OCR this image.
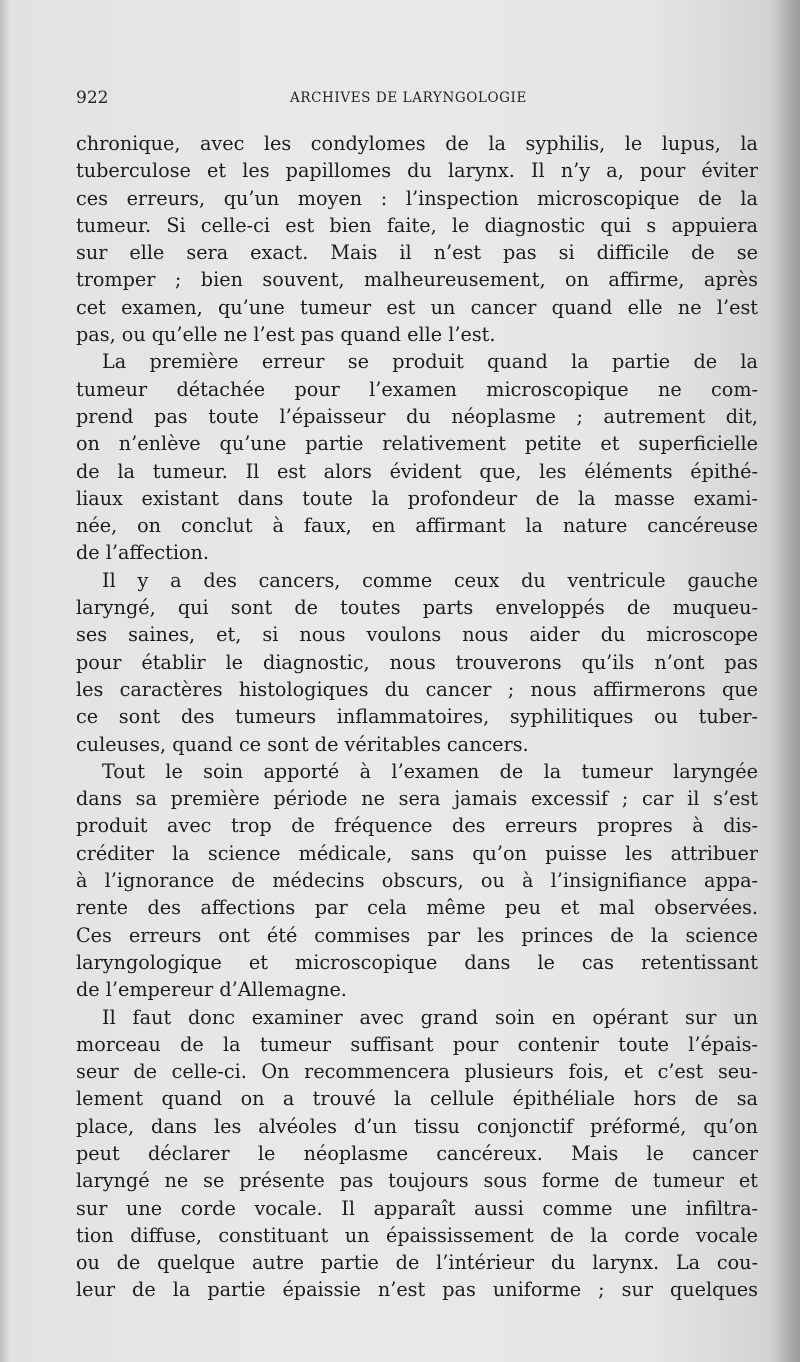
922	ARCHIVES DE LARYNGOLOGIE
chronique, avec les condylomes de la syphilis, le lupus, la
tuberculose et les papillomes du larynx. Il n’y a, pour éviter
ces erreurs, qu’un moyen : l’inspection microscopique de la
tumeur. Si celle-ci est bien faite, le diagnostic qui s appuiera
sur elle sera exact. Mais il n’est pas si difficile de se
tromper ; bien souvent, malheureusement, on affirme, après
cet examen, qu’une tumeur est un cancer quand elle ne l’est
pas, ou qu’elle ne l’est pas quand elle l’est.
La première erreur se produit quand la partie de la
tumeur détachée pour l’examen microscopique ne com-
prend pas toute l’épaisseur du néoplasme ; autrement dit,
on n’enlève qu’une partie relativement petite et superficielle
de la tumeur. Il est alors évident que, les éléments épithé-
liaux existant dans toute la profondeur de la masse exami-
née, on conclut à faux, en affirmant la nature cancéreuse
de l’affection.
Il y a des cancers, comme ceux du ventricule gauche
laryngé, qui sont de toutes parts enveloppés de muqueu-
ses saines, et, si nous voulons nous aider du microscope
pour établir le diagnostic, nous trouverons qu’ils n’ont pas
les caractères histologiques du cancer ; nous affirmerons que
ce sont des tumeurs inflammatoires, syphilitiques ou tuber-
culeuses, quand ce sont de véritables cancers.
Tout le soin apporté à l’examen de la tumeur laryngée
dans sa première période ne sera jamais excessif ; car il s’est
produit avec trop de fréquence des erreurs propres à dis-
créditer la science médicale, sans qu’on puisse les attribuer
à l’ignorance de médecins obscurs, ou à l’insignifiance appa-
rente des affections par cela même peu et mal observées.
Ces erreurs ont été commises par les princes de la science
laryngologique et microscopique dans le cas retentissant
de l’empereur d’Allemagne.
Il faut donc examiner avec grand soin en opérant sur un
morceau de la tumeur suffisant pour contenir toute l’épais-
seur de celle-ci. On recommencera plusieurs fois, et c’est seu-
lement quand on a trouvé la cellule épithéliale hors de sa
place, dans les alvéoles d’un tissu conjonctif préformé, qu’on
peut déclarer le néoplasme cancéreux. Mais le cancer
laryngé ne se présente pas toujours sous forme de tumeur et
sur une corde vocale. Il apparaît aussi comme une infiltra-
tion diffuse, constituant un épaississement de la corde vocale
ou de quelque autre partie de l’intérieur du larynx. La cou-
leur de la partie épaissie n’est pas uniforme ; sur quelques
